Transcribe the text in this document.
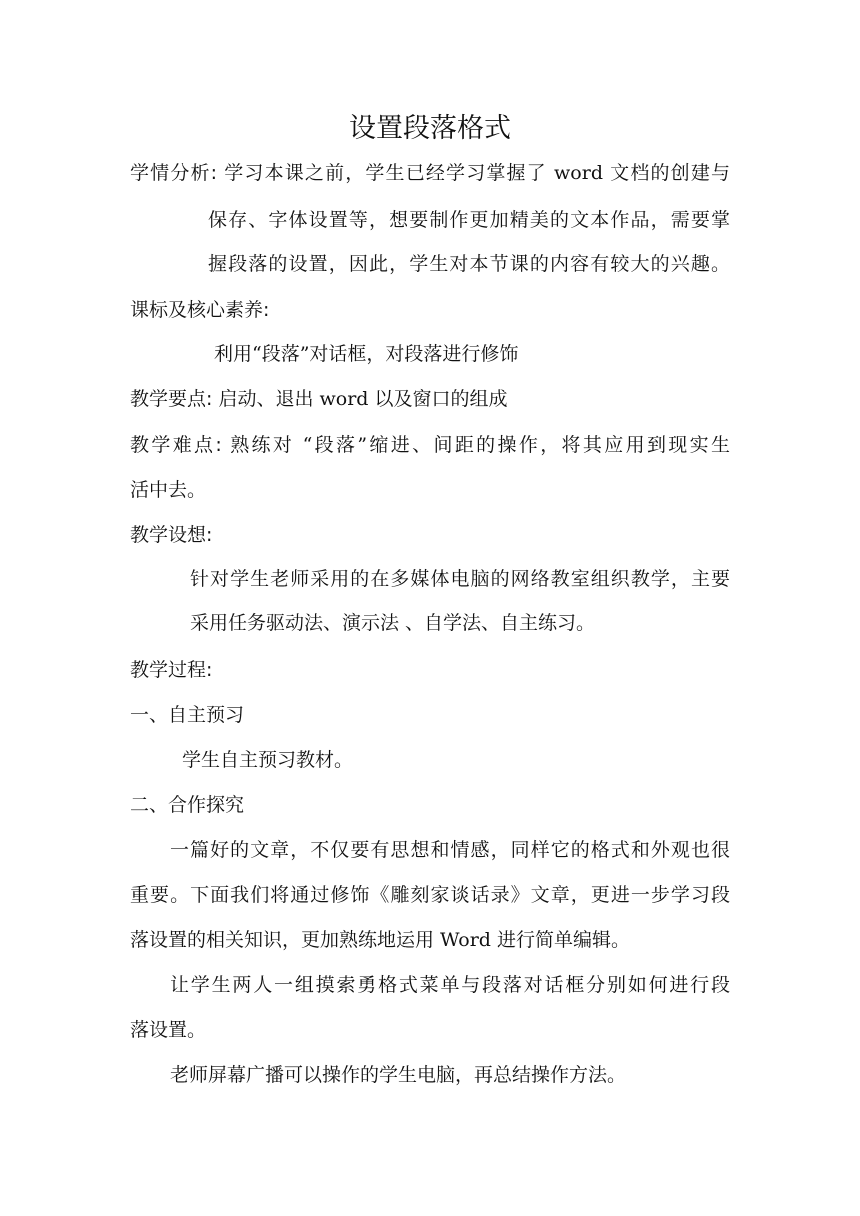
设置段落格式
学情分析: 学习本课之前，学生已经学习掌握了 word 文档的创建与
保存、字体设置等，想要制作更加精美的文本作品，需要掌
握段落的设置，因此，学生对本节课的内容有较大的兴趣。
课标及核心素养:
利用“段落”对话框，对段落进行修饰
教学要点: 启动、退出 word 以及窗口的组成
教学难点: 熟练对 “段落”缩进、间距的操作，将其应用到现实生
活中去。
教学设想:
针对学生老师采用的在多媒体电脑的网络教室组织教学，主要
采用任务驱动法、演示法 、自学法、自主练习。
教学过程:
一、自主预习
学生自主预习教材。
二、合作探究
一篇好的文章，不仅要有思想和情感，同样它的格式和外观也很
重要。下面我们将通过修饰《雕刻家谈话录》文章，更进一步学习段
落设置的相关知识，更加熟练地运用 Word 进行简单编辑。
让学生两人一组摸索勇格式菜单与段落对话框分别如何进行段
落设置。
老师屏幕广播可以操作的学生电脑，再总结操作方法。
